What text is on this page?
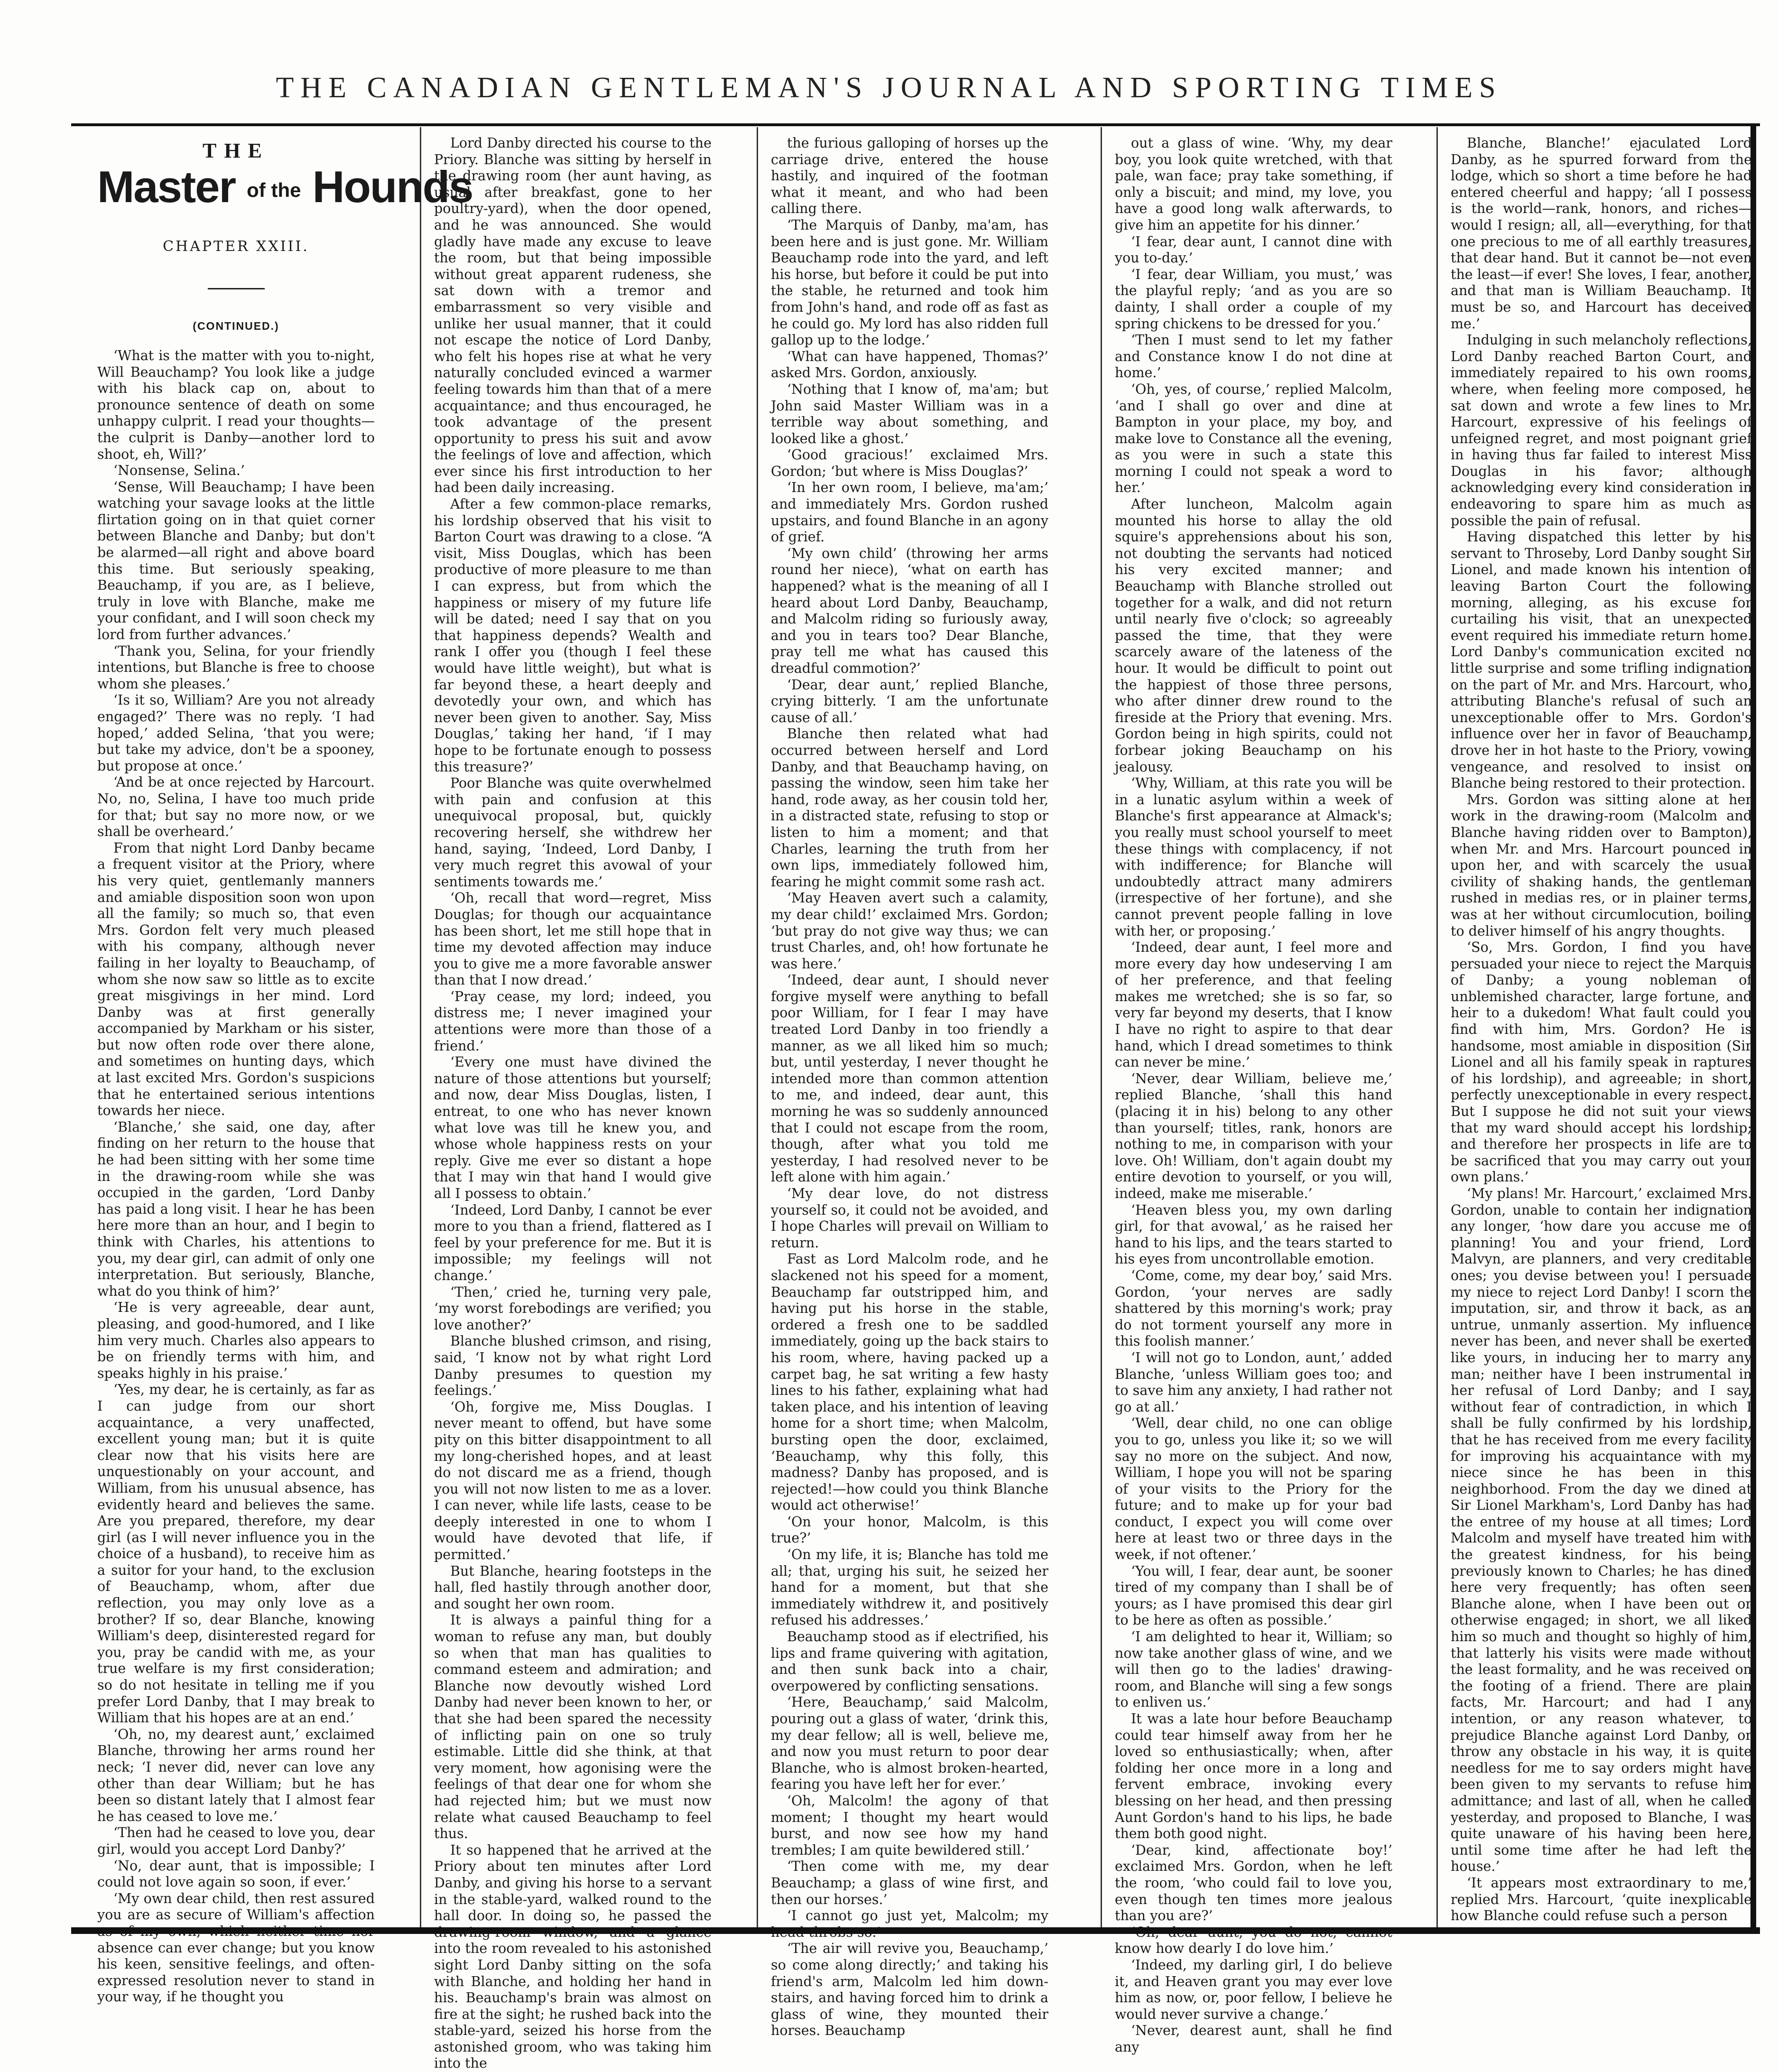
THE CANADIAN GENTLEMAN'S JOURNAL AND SPORTING TIMES
THE
Master of the Hounds
CHAPTER XXIII.
(CONTINUED.)

‘What is the matter with you to-night, Will Beauchamp? You look like a judge with his black cap on, about to pronounce sentence of death on some unhappy culprit. I read your thoughts—the culprit is Danby—another lord to shoot, eh, Will?’

‘Nonsense, Selina.’

‘Sense, Will Beauchamp; I have been watching your savage looks at the little flirtation going on in that quiet corner between Blanche and Danby; but don't be alarmed—all right and above board this time. But seriously speaking, Beauchamp, if you are, as I believe, truly in love with Blanche, make me your confidant, and I will soon check my lord from further advances.’

‘Thank you, Selina, for your friendly intentions, but Blanche is free to choose whom she pleases.’

‘Is it so, William? Are you not already engaged?’ There was no reply. ‘I had hoped,’ added Selina, ‘that you were; but take my advice, don't be a spooney, but propose at once.’

‘And be at once rejected by Harcourt. No, no, Selina, I have too much pride for that; but say no more now, or we shall be overheard.’

From that night Lord Danby became a frequent visitor at the Priory, where his very quiet, gentlemanly manners and amiable disposition soon won upon all the family; so much so, that even Mrs. Gordon felt very much pleased with his company, although never failing in her loyalty to Beauchamp, of whom she now saw so little as to excite great misgivings in her mind. Lord Danby was at first generally accompanied by Markham or his sister, but now often rode over there alone, and sometimes on hunting days, which at last excited Mrs. Gordon's suspicions that he entertained serious intentions towards her niece.

‘Blanche,’ she said, one day, after finding on her return to the house that he had been sitting with her some time in the drawing-room while she was occupied in the garden, ‘Lord Danby has paid a long visit. I hear he has been here more than an hour, and I begin to think with Charles, his attentions to you, my dear girl, can admit of only one interpretation. But seriously, Blanche, what do you think of him?’

‘He is very agreeable, dear aunt, pleasing, and good-humored, and I like him very much. Charles also appears to be on friendly terms with him, and speaks highly in his praise.’

‘Yes, my dear, he is certainly, as far as I can judge from our short acquaintance, a very unaffected, excellent young man; but it is quite clear now that his visits here are unquestionably on your account, and William, from his unusual absence, has evidently heard and believes the same. Are you prepared, therefore, my dear girl (as I will never influence you in the choice of a husband), to receive him as a suitor for your hand, to the exclusion of Beauchamp, whom, after due reflection, you may only love as a brother? If so, dear Blanche, knowing William's deep, disinterested regard for you, pray be candid with me, as your true welfare is my first consideration; so do not hesitate in telling me if you prefer Lord Danby, that I may break to William that his hopes are at an end.’

‘Oh, no, my dearest aunt,’ exclaimed Blanche, throwing her arms round her neck; ‘I never did, never can love any other than dear William; but he has been so distant lately that I almost fear he has ceased to love me.’

‘Then had he ceased to love you, dear girl, would you accept Lord Danby?’

‘No, dear aunt, that is impossible; I could not love again so soon, if ever.’

‘My own dear child, then rest assured you are as secure of William's affection absence can ever change; but you know his keen, sensitive feelings, and often-expressed resolution never to stand in your way, if he thought you

Lord Danby directed his course to the Priory. Blanche was sitting by herself in the drawing room (her aunt having, as usual after breakfast, gone to her poultry-yard), when the door opened, and he was announced. She would gladly have made any excuse to leave the room, but that being impossible without great apparent rudeness, she sat down with a tremor and embarrassment so very visible and unlike her usual manner, that it could not escape the notice of Lord Danby, who felt his hopes rise at what he very naturally concluded evinced a warmer feeling towards him than that of a mere acquaintance; and thus encouraged, he took advantage of the present opportunity to press his suit and avow the feelings of love and affection, which ever since his first introduction to her had been daily increasing.

After a few common-place remarks, his lordship observed that his visit to Barton Court was drawing to a close. “A visit, Miss Douglas, which has been productive of more pleasure to me than I can express, but from which the happiness or misery of my future life will be dated; need I say that on you that happiness depends? Wealth and rank I offer you (though I feel these would have little weight), but what is far beyond these, a heart deeply and devotedly your own, and which has never been given to another. Say, Miss Douglas,’ taking her hand, ‘if I may hope to be fortunate enough to possess this treasure?’

Poor Blanche was quite overwhelmed with pain and confusion at this unequivocal proposal, but, quickly recovering herself, she withdrew her hand, saying, ‘Indeed, Lord Danby, I very much regret this avowal of your sentiments towards me.’

‘Oh, recall that word—regret, Miss Douglas; for though our acquaintance has been short, let me still hope that in time my devoted affection may induce you to give me a more favorable answer than that I now dread.’

‘Pray cease, my lord; indeed, you distress me; I never imagined your attentions were more than those of a friend.’

‘Every one must have divined the nature of those attentions but yourself; and now, dear Miss Douglas, listen, I entreat, to one who has never known what love was till he knew you, and whose whole happiness rests on your reply. Give me ever so distant a hope that I may win that hand I would give all I possess to obtain.’

‘Indeed, Lord Danby, I cannot be ever more to you than a friend, flattered as I feel by your preference for me. But it is impossible; my feelings will not change.’

‘Then,’ cried he, turning very pale, ‘my worst forebodings are verified; you love another?’

Blanche blushed crimson, and rising, said, ‘I know not by what right Lord Danby presumes to question my feelings.’

‘Oh, forgive me, Miss Douglas. I never meant to offend, but have some pity on this bitter disappointment to all my long-cherished hopes, and at least do not discard me as a friend, though you will not now listen to me as a lover. I can never, while life lasts, cease to be deeply interested in one to whom I would have devoted that life, if permitted.’

But Blanche, hearing footsteps in the hall, fled hastily through another door, and sought her own room.

It is always a painful thing for a woman to refuse any man, but doubly so when that man has qualities to command esteem and admiration; and Blanche now devoutly wished Lord Danby had never been known to her, or that she had been spared the necessity of inflicting pain on one so truly estimable. Little did she think, at that very moment, how agonising were the feelings of that dear one for whom she had rejected him; but we must now relate what caused Beauchamp to feel thus.

It so happened that he arrived at the Priory about ten minutes after Lord Danby, and giving his horse to a servant in the stable-yard, walked round to the hall door. In doing so, he passed the into the room revealed to his astonished sight Lord Danby sitting on the sofa with Blanche, and holding her hand in his. Beauchamp's brain was almost on fire at the sight; he rushed back into the stable-yard, seized his horse from the astonished groom, who was taking him into the

the furious galloping of horses up the carriage drive, entered the house hastily, and inquired of the footman what it meant, and who had been calling there.

‘The Marquis of Danby, ma'am, has been here and is just gone. Mr. William Beauchamp rode into the yard, and left his horse, but before it could be put into the stable, he returned and took him from John's hand, and rode off as fast as he could go. My lord has also ridden full gallop up to the lodge.’

‘What can have happened, Thomas?’ asked Mrs. Gordon, anxiously.

‘Nothing that I know of, ma'am; but John said Master William was in a terrible way about something, and looked like a ghost.’

‘Good gracious!’ exclaimed Mrs. Gordon; ‘but where is Miss Douglas?’

‘In her own room, I believe, ma'am;’ and immediately Mrs. Gordon rushed upstairs, and found Blanche in an agony of grief.

‘My own child’ (throwing her arms round her niece), ‘what on earth has happened? what is the meaning of all I heard about Lord Danby, Beauchamp, and Malcolm riding so furiously away, and you in tears too? Dear Blanche, pray tell me what has caused this dreadful commotion?’

‘Dear, dear aunt,’ replied Blanche, crying bitterly. ‘I am the unfortunate cause of all.’

Blanche then related what had occurred between herself and Lord Danby, and that Beauchamp having, on passing the window, seen him take her hand, rode away, as her cousin told her, in a distracted state, refusing to stop or listen to him a moment; and that Charles, learning the truth from her own lips, immediately followed him, fearing he might commit some rash act.

‘May Heaven avert such a calamity, my dear child!’ exclaimed Mrs. Gordon; ‘but pray do not give way thus; we can trust Charles, and, oh! how fortunate he was here.’

‘Indeed, dear aunt, I should never forgive myself were anything to befall poor William, for I fear I may have treated Lord Danby in too friendly a manner, as we all liked him so much; but, until yesterday, I never thought he intended more than common attention to me, and indeed, dear aunt, this morning he was so suddenly announced that I could not escape from the room, though, after what you told me yesterday, I had resolved never to be left alone with him again.’

‘My dear love, do not distress yourself so, it could not be avoided, and I hope Charles will prevail on William to return.

Fast as Lord Malcolm rode, and he slackened not his speed for a moment, Beauchamp far outstripped him, and having put his horse in the stable, ordered a fresh one to be saddled immediately, going up the back stairs to his room, where, having packed up a carpet bag, he sat writing a few hasty lines to his father, explaining what had taken place, and his intention of leaving home for a short time; when Malcolm, bursting open the door, exclaimed, ‘Beauchamp, why this folly, this madness? Danby has proposed, and is rejected!—how could you think Blanche would act otherwise!’

‘On your honor, Malcolm, is this true?’

‘On my life, it is; Blanche has told me all; that, urging his suit, he seized her hand for a moment, but that she immediately withdrew it, and positively refused his addresses.’

Beauchamp stood as if electrified, his lips and frame quivering with agitation, and then sunk back into a chair, overpowered by conflicting sensations.

‘Here, Beauchamp,’ said Malcolm, pouring out a glass of water, ‘drink this, my dear fellow; all is well, believe me, and now you must return to poor dear Blanche, who is almost broken-hearted, fearing you have left her for ever.’

‘Oh, Malcolm! the agony of that moment; I thought my heart would burst, and now see how my hand trembles; I am quite bewildered still.’

‘Then come with me, my dear Beauchamp; a glass of wine first, and then our horses.’

‘I cannot go just yet, Malcolm; my

‘The air will revive you, Beauchamp,’ so come along directly;’ and taking his friend's arm, Malcolm led him down-stairs, and having forced him to drink a glass of wine, they mounted their horses. Beauchamp

out a glass of wine. ‘Why, my dear boy, you look quite wretched, with that pale, wan face; pray take something, if only a biscuit; and mind, my love, you have a good long walk afterwards, to give him an appetite for his dinner.’

‘I fear, dear aunt, I cannot dine with you to-day.’

‘I fear, dear William, you must,’ was the playful reply; ‘and as you are so dainty, I shall order a couple of my spring chickens to be dressed for you.’

‘Then I must send to let my father and Constance know I do not dine at home.’

‘Oh, yes, of course,’ replied Malcolm, ‘and I shall go over and dine at Bampton in your place, my boy, and make love to Constance all the evening, as you were in such a state this morning I could not speak a word to her.’

After luncheon, Malcolm again mounted his horse to allay the old squire's apprehensions about his son, not doubting the servants had noticed his very excited manner; and Beauchamp with Blanche strolled out together for a walk, and did not return until nearly five o'clock; so agreeably passed the time, that they were scarcely aware of the lateness of the hour. It would be difficult to point out the happiest of those three persons, who after dinner drew round to the fireside at the Priory that evening. Mrs. Gordon being in high spirits, could not forbear joking Beauchamp on his jealousy.

‘Why, William, at this rate you will be in a lunatic asylum within a week of Blanche's first appearance at Almack's; you really must school yourself to meet these things with complacency, if not with indifference; for Blanche will undoubtedly attract many admirers (irrespective of her fortune), and she cannot prevent people falling in love with her, or proposing.’

‘Indeed, dear aunt, I feel more and more every day how undeserving I am of her preference, and that feeling makes me wretched; she is so far, so very far beyond my deserts, that I know I have no right to aspire to that dear hand, which I dread sometimes to think can never be mine.’

‘Never, dear William, believe me,’ replied Blanche, ‘shall this hand (placing it in his) belong to any other than yourself; titles, rank, honors are nothing to me, in comparison with your love. Oh! William, don't again doubt my entire devotion to yourself, or you will, indeed, make me miserable.’

‘Heaven bless you, my own darling girl, for that avowal,’ as he raised her hand to his lips, and the tears started to his eyes from uncontrollable emotion.

‘Come, come, my dear boy,’ said Mrs. Gordon, ‘your nerves are sadly shattered by this morning's work; pray do not torment yourself any more in this foolish manner.’

‘I will not go to London, aunt,’ added Blanche, ‘unless William goes too; and to save him any anxiety, I had rather not go at all.’

‘Well, dear child, no one can oblige you to go, unless you like it; so we will say no more on the subject. And now, William, I hope you will not be sparing of your visits to the Priory for the future; and to make up for your bad conduct, I expect you will come over here at least two or three days in the week, if not oftener.’

‘You will, I fear, dear aunt, be sooner tired of my company than I shall be of yours; as I have promised this dear girl to be here as often as possible.’

‘I am delighted to hear it, William; so now take another glass of wine, and we will then go to the ladies' drawing-room, and Blanche will sing a few songs to enliven us.’

It was a late hour before Beauchamp could tear himself away from her he loved so enthusiastically; when, after folding her once more in a long and fervent embrace, invoking every blessing on her head, and then pressing Aunt Gordon's hand to his lips, he bade them both good night.

‘Dear, kind, affectionate boy!’ exclaimed Mrs. Gordon, when he left the room, ‘who could fail to love you, even though ten times more jealous than you are?’

know how dearly I do love him.’

‘Indeed, my darling girl, I do believe it, and Heaven grant you may ever love him as now, or, poor fellow, I believe he would never survive a change.’

‘Never, dearest aunt, shall he find any

Blanche, Blanche!’ ejaculated Lord Danby, as he spurred forward from the lodge, which so short a time before he had entered cheerful and happy; ‘all I possess is the world—rank, honors, and riches—would I resign; all, all—everything, for that one precious to me of all earthly treasures, that dear hand. But it cannot be—not even the least—if ever! She loves, I fear, another, and that man is William Beauchamp. It must be so, and Harcourt has deceived me.’

Indulging in such melancholy reflections, Lord Danby reached Barton Court, and immediately repaired to his own rooms, where, when feeling more composed, he sat down and wrote a few lines to Mr. Harcourt, expressive of his feelings of unfeigned regret, and most poignant grief in having thus far failed to interest Miss Douglas in his favor; although acknowledging every kind consideration in endeavoring to spare him as much as possible the pain of refusal.

Having dispatched this letter by his servant to Throseby, Lord Danby sought Sir Lionel, and made known his intention of leaving Barton Court the following morning, alleging, as his excuse for curtailing his visit, that an unexpected event required his immediate return home. Lord Danby's communication excited no little surprise and some trifling indignation on the part of Mr. and Mrs. Harcourt, who, attributing Blanche's refusal of such an unexceptionable offer to Mrs. Gordon's influence over her in favor of Beauchamp, drove her in hot haste to the Priory, vowing vengeance, and resolved to insist on Blanche being restored to their protection.

Mrs. Gordon was sitting alone at her work in the drawing-room (Malcolm and Blanche having ridden over to Bampton), when Mr. and Mrs. Harcourt pounced in upon her, and with scarcely the usual civility of shaking hands, the gentleman rushed in medias res, or in plainer terms, was at her without circumlocution, boiling to deliver himself of his angry thoughts.

‘So, Mrs. Gordon, I find you have persuaded your niece to reject the Marquis of Danby; a young nobleman of unblemished character, large fortune, and heir to a dukedom! What fault could you find with him, Mrs. Gordon? He is handsome, most amiable in disposition (Sir Lionel and all his family speak in raptures of his lordship), and agreeable; in short, perfectly unexceptionable in every respect. But I suppose he did not suit your views that my ward should accept his lordship; and therefore her prospects in life are to be sacrificed that you may carry out your own plans.’

‘My plans! Mr. Harcourt,’ exclaimed Mrs. Gordon, unable to contain her indignation any longer, ‘how dare you accuse me of planning! You and your friend, Lord Malvyn, are planners, and very creditable ones; you devise between you! I persuade my niece to reject Lord Danby! I scorn the imputation, sir, and throw it back, as an untrue, unmanly assertion. My influence never has been, and never shall be exerted like yours, in inducing her to marry any man; neither have I been instrumental in her refusal of Lord Danby; and I say, without fear of contradiction, in which I shall be fully confirmed by his lordship, that he has received from me every facility for improving his acquaintance with my niece since he has been in this neighborhood. From the day we dined at Sir Lionel Markham's, Lord Danby has had the entree of my house at all times; Lord Malcolm and myself have treated him with the greatest kindness, for his being previously known to Charles; he has dined here very frequently; has often seen Blanche alone, when I have been out or otherwise engaged; in short, we all liked him so much and thought so highly of him, that latterly his visits were made without the least formality, and he was received on the footing of a friend. There are plain facts, Mr. Harcourt; and had I any intention, or any reason whatever, to prejudice Blanche against Lord Danby, or throw any obstacle in his way, it is quite needless for me to say orders might have been given to my servants to refuse him admittance; and last of all, when he called yesterday, and proposed to Blanche, I was quite unaware of his having been here, until some time after he had left the house.’

‘It appears most extraordinary to me,’ replied Mrs. Harcourt, ‘quite inexplicable how Blanche could refuse such a person
